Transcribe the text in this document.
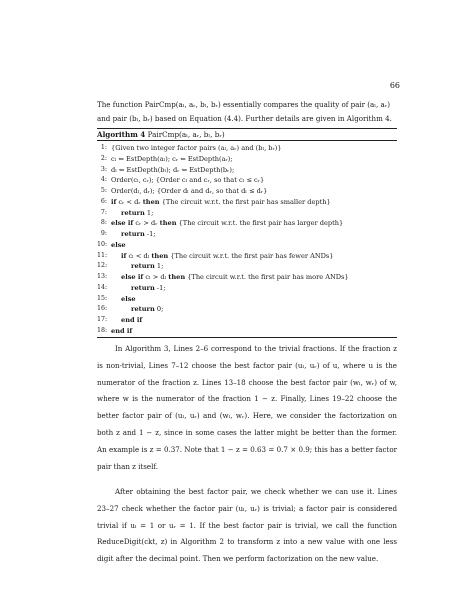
66

The function PairCmp(aₗ, aᵣ, bₗ, bᵣ) essentially compares the quality of pair (aₗ, aᵣ) and pair (bₗ, bᵣ) based on Equation (4.4). Further details are given in Algorithm 4.

Algorithm 4 PairCmp(aₗ, aᵣ, bₗ, bᵣ)
1: {Given two integer factor pairs (aₗ, aᵣ) and (bₗ, bᵣ)}
2: cₗ ⇐ EstDepth(aₗ); cᵣ ⇐ EstDepth(aᵣ);
3: dₗ ⇐ EstDepth(bₗ); dᵣ ⇐ EstDepth(bᵣ);
4: Order(cₗ, cᵣ); {Order cₗ and cᵣ, so that cₗ ≤ cᵣ}
5: Order(dₗ, dᵣ); {Order dₗ and dᵣ, so that dₗ ≤ dᵣ}
6: if cᵣ < dᵣ then {The circuit w.r.t. the first pair has smaller depth}
7:	return 1;
8: else if cᵣ > dᵣ then {The circuit w.r.t. the first pair has larger depth}
9:	return -1;
10: else
11:	if cₗ < dₗ then {The circuit w.r.t. the first pair has fewer ANDs}
12:	return 1;
13:	else if cₗ > dₗ then {The circuit w.r.t. the first pair has more ANDs}
14:	return -1;
15:	else
16:	return 0;
17:	end if
18: end if

In Algorithm 3, Lines 2–6 correspond to the trivial fractions. If the fraction z is non-trivial, Lines 7–12 choose the best factor pair (uₗ, uᵣ) of u, where u is the numerator of the fraction z. Lines 13–18 choose the best factor pair (wₗ, wᵣ) of w, where w is the numerator of the fraction 1 − z. Finally, Lines 19–22 choose the better factor pair of (uₗ, uᵣ) and (wₗ, wᵣ). Here, we consider the factorization on both z and 1 − z, since in some cases the latter might be better than the former. An example is z = 0.37. Note that 1 − z = 0.63 = 0.7 × 0.9; this has a better factor pair than z itself.

After obtaining the best factor pair, we check whether we can use it. Lines 23–27 check whether the factor pair (uₗ, uᵣ) is trivial; a factor pair is considered trivial if uₗ = 1 or uᵣ = 1. If the best factor pair is trivial, we call the function ReduceDigit(ckt, z) in Algorithm 2 to transform z into a new value with one less digit after the decimal point. Then we perform factorization on the new value.
